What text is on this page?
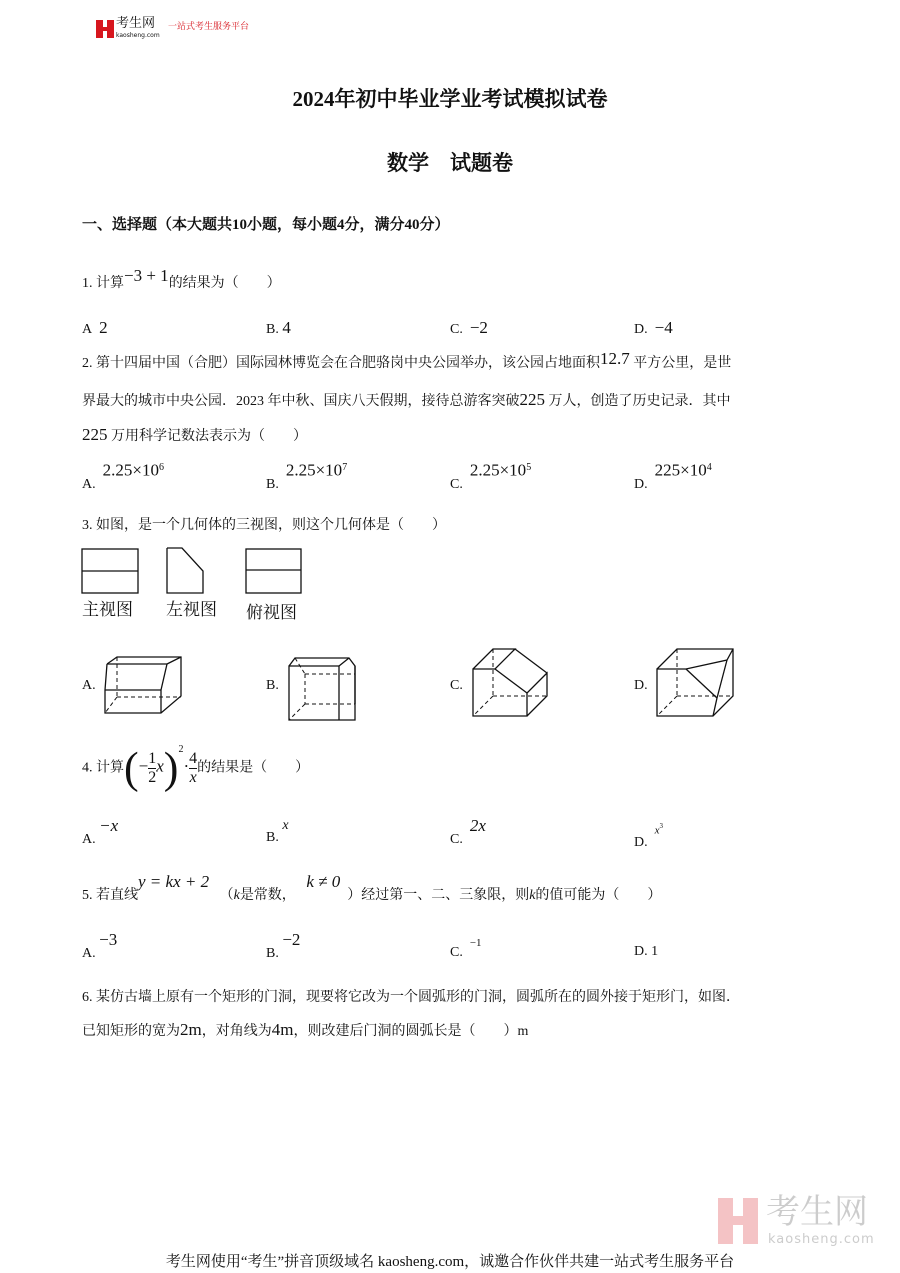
考生网
kaosheng.com
一站式考生服务平台
2024年初中毕业学业考试模拟试卷
数学　试题卷
一、选择题（本大题共10小题，每小题4分，满分40分）
1. 计算−3 + 1的结果为（　　）
A 2	B. 4	C. −2	D. −4
2. 第十四届中国（合肥）国际园林博览会在合肥骆岗中央公园举办，该公园占地面积12.7 平方公里，是世
界最大的城市中央公园．2023 年中秋、国庆八天假期，接待总游客突破225 万人，创造了历史记录．其中
225 万用科学记数法表示为（　　）
A.  $2.25\times 10^6$
B.  $2.25\times 10^7$
C.  $2.25\times 10^5$
D.  $225\times 10^4$
3. 如图，是一个几何体的三视图，则这个几何体是（　　）
主视图 左视图 俯视图
A.	B.	C.	D.
4. 计算(− $\frac{1}{2} x)^2\cdot \frac{4}{x}$ 的结果是（　　）
A. −x
B. x
C.  2x
D.  $x^3$
5. 若直线y = kx + 2   （k是常数，   k ≠ 0  ）经过第一、二、三象限，则k的值可能为（　　）
A. −3
B. −2
C.  −1
D. 1
6. 某仿古墙上原有一个矩形的门洞，现要将它改为一个圆弧形的门洞，圆弧所在的圆外接于矩形门，如图．
已知矩形的宽为2m，对角线为4m，则改建后门洞的圆弧长是（　　）m
考生网
kaosheng.com
考生网使用“考生”拼音顶级域名 kaosheng.com，诚邀合作伙伴共建一站式考生服务平台
